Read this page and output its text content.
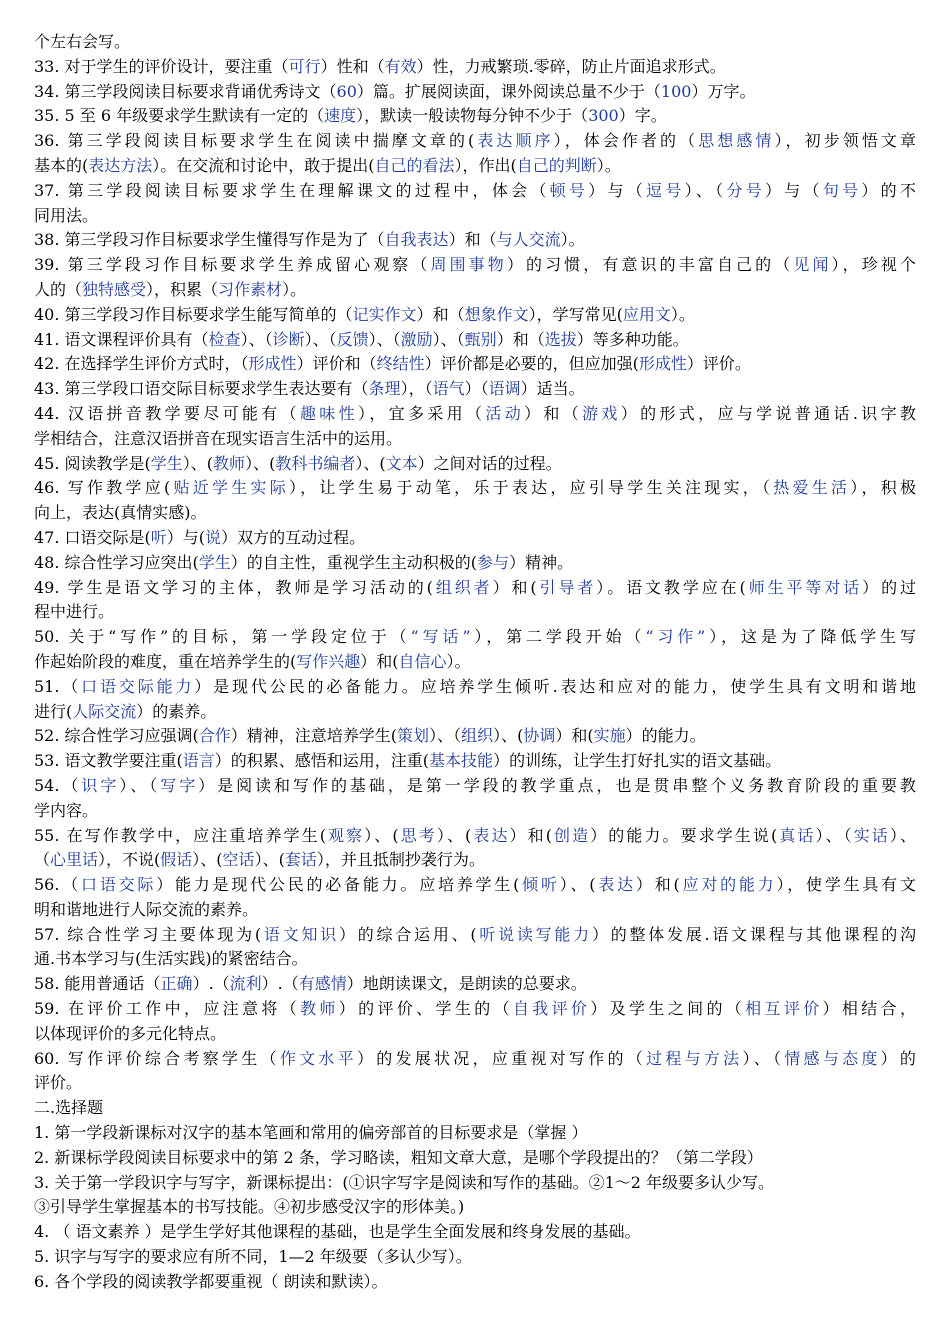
个左右会写。
33. 对于学生的评价设计，要注重（可行）性和（有效）性，力戒繁琐.零碎，防止片面追求形式。
34. 第三学段阅读目标要求背诵优秀诗文（60）篇。扩展阅读面，课外阅读总量不少于（100）万字。
35. 5 至 6 年级要求学生默读有一定的（速度），默读一般读物每分钟不少于（300）字。
36. 第三学段阅读目标要求学生在阅读中揣摩文章的(表达顺序），体会作者的（思想感情），初步领悟文章
基本的(表达方法）。在交流和讨论中，敢于提出(自己的看法），作出(自己的判断）。
37. 第三学段阅读目标要求学生在理解课文的过程中，体会（顿号）与（逗号）、（分号）与（句号）的不
同用法。
38. 第三学段习作目标要求学生懂得写作是为了（自我表达）和（与人交流）。
39. 第三学段习作目标要求学生养成留心观察（周围事物）的习惯，有意识的丰富自己的（见闻），珍视个
人的（独特感受），积累（习作素材）。
40. 第三学段习作目标要求学生能写简单的（记实作文）和（想象作文），学写常见(应用文）。
41. 语文课程评价具有（检查）、（诊断）、（反馈）、（激励）、（甄别）和（选拔）等多种功能。
42. 在选择学生评价方式时，（形成性）评价和（终结性）评价都是必要的，但应加强(形成性）评价。
43. 第三学段口语交际目标要求学生表达要有（条理），（语气）（语调）适当。
44. 汉语拼音教学要尽可能有（趣味性），宜多采用（活动）和（游戏）的形式，应与学说普通话.识字教
学相结合，注意汉语拼音在现实语言生活中的运用。
45. 阅读教学是(学生）、(教师）、(教科书编者）、(文本）之间对话的过程。
46. 写作教学应(贴近学生实际），让学生易于动笔，乐于表达，应引导学生关注现实，（热爱生活），积极
向上，表达(真情实感)。
47. 口语交际是(听）与(说）双方的互动过程。
48. 综合性学习应突出(学生）的自主性，重视学生主动积极的(参与）精神。
49. 学生是语文学习的主体，教师是学习活动的(组织者）和(引导者）。语文教学应在(师生平等对话）的过
程中进行。
50. 关于“写作”的目标，第一学段定位于（“写话”），第二学段开始（“习作”），这是为了降低学生写
作起始阶段的难度，重在培养学生的(写作兴趣）和(自信心）。
51.（口语交际能力）是现代公民的必备能力。应培养学生倾听.表达和应对的能力，使学生具有文明和谐地
进行(人际交流）的素养。
52. 综合性学习应强调(合作）精神，注意培养学生(策划）、（组织）、(协调）和(实施）的能力。
53. 语文教学要注重(语言）的积累、感悟和运用，注重(基本技能）的训练，让学生打好扎实的语文基础。
54.（识字）、（写字）是阅读和写作的基础，是第一学段的教学重点，也是贯串整个义务教育阶段的重要教
学内容。
55. 在写作教学中，应注重培养学生(观察）、(思考）、(表达）和(创造）的能力。要求学生说(真话）、（实话）、
（心里话），不说(假话）、(空话）、(套话），并且抵制抄袭行为。
56.（口语交际）能力是现代公民的必备能力。应培养学生(倾听）、(表达）和(应对的能力），使学生具有文
明和谐地进行人际交流的素养。
57. 综合性学习主要体现为(语文知识）的综合运用、(听说读写能力）的整体发展.语文课程与其他课程的沟
通.书本学习与(生活实践)的紧密结合。
58. 能用普通话（正确）.（流利）.（有感情）地朗读课文，是朗读的总要求。
59. 在评价工作中，应注意将（教师）的评价、学生的（自我评价）及学生之间的（相互评价）相结合，
以体现评价的多元化特点。
60. 写作评价综合考察学生（作文水平）的发展状况，应重视对写作的（过程与方法）、（情感与态度）的
评价。
二.选择题
1. 第一学段新课标对汉字的基本笔画和常用的偏旁部首的目标要求是（掌握 ）
2. 新课标学段阅读目标要求中的第 2 条，学习略读，粗知文章大意，是哪个学段提出的？（第二学段）
3. 关于第一学段识字与写字，新课标提出：(①识字写字是阅读和写作的基础。②1～2 年级要多认少写。
③引导学生掌握基本的书写技能。④初步感受汉字的形体美。)
4. （ 语文素养 ）是学生学好其他课程的基础，也是学生全面发展和终身发展的基础。
5. 识字与写字的要求应有所不同，1—2 年级要（多认少写）。
6. 各个学段的阅读教学都要重视（ 朗读和默读）。
